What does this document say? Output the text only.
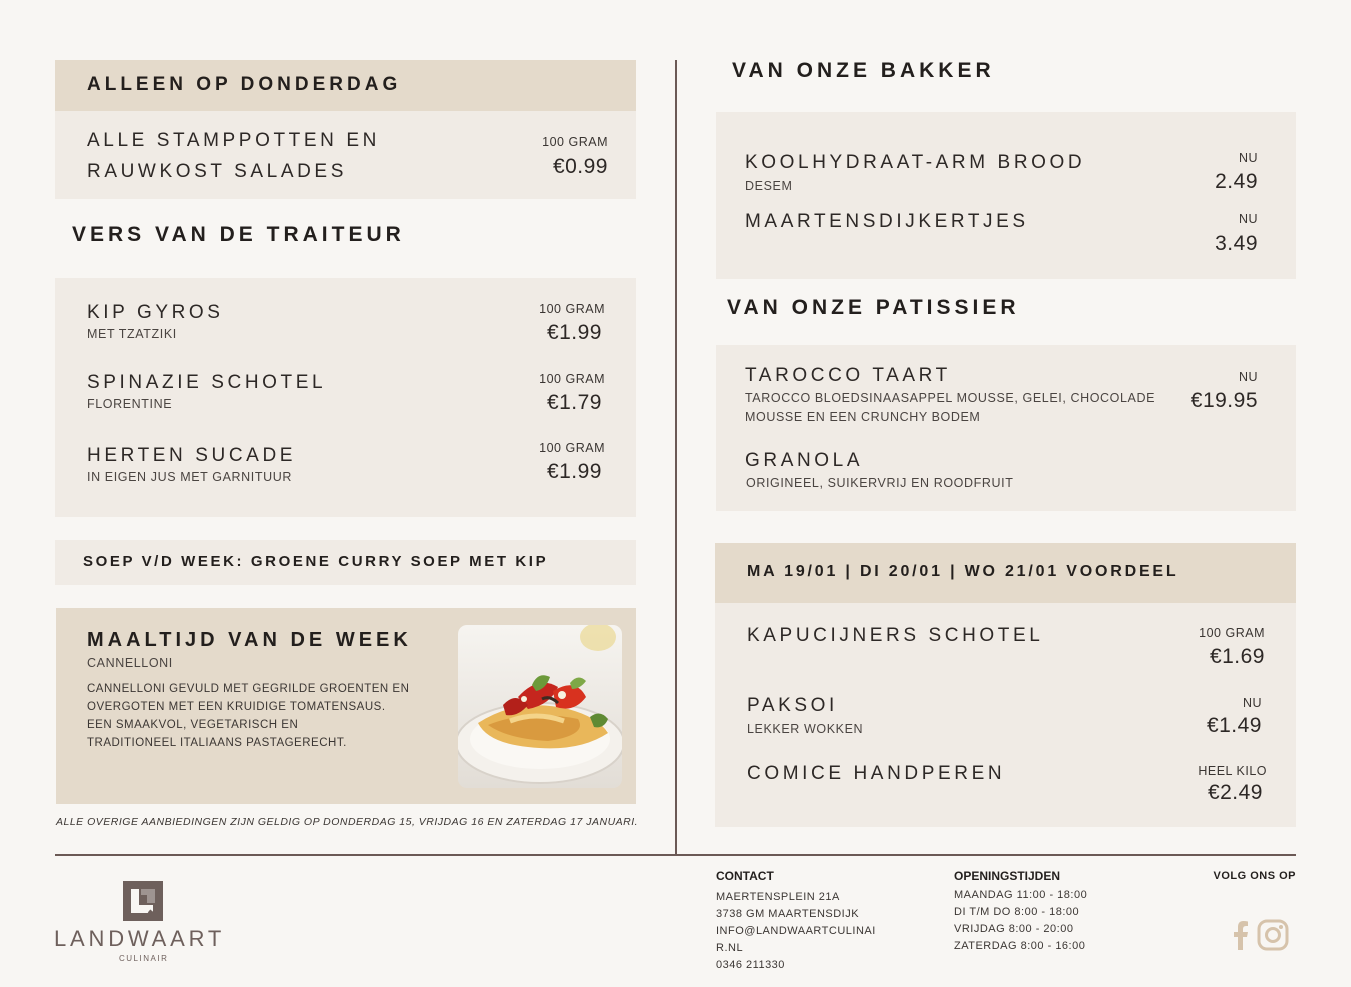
ALLEEN OP DONDERDAG
ALLE STAMPPOTTEN EN
RAUWKOST SALADES
100 GRAM
€0.99
VERS VAN DE TRAITEUR
KIP GYROS
MET TZATZIKI
100 GRAM
€1.99
SPINAZIE SCHOTEL
FLORENTINE
100 GRAM
€1.79
HERTEN SUCADE
IN EIGEN JUS MET GARNITUUR
100 GRAM
€1.99
SOEP V/D WEEK: GROENE CURRY SOEP MET KIP
MAALTIJD VAN DE WEEK
CANNELLONI
CANNELLONI GEVULD MET GEGRILDE GROENTEN EN
OVERGOTEN MET EEN KRUIDIGE TOMATENSAUS.
EEN SMAAKVOL, VEGETARISCH EN
TRADITIONEEL ITALIAANS PASTAGERECHT.
ALLE OVERIGE AANBIEDINGEN ZIJN GELDIG OP DONDERDAG 15, VRIJDAG 16 EN ZATERDAG 17 JANUARI.
VAN ONZE BAKKER
KOOLHYDRAAT-ARM BROOD
DESEM
NU
2.49
MAARTENSDIJKERTJES	NU
3.49
VAN ONZE PATISSIER
TAROCCO TAART
TAROCCO BLOEDSINAASAPPEL MOUSSE, GELEI, CHOCOLADE
MOUSSE EN EEN CRUNCHY BODEM
NU
€19.95
GRANOLA
ORIGINEEL, SUIKERVRIJ EN ROODFRUIT
MA 19/01 | DI 20/01 | WO 21/01 VOORDEEL
KAPUCIJNERS SCHOTEL	100 GRAM
€1.69
PAKSOI
LEKKER WOKKEN
NU
€1.49
COMICE HANDPEREN	HEEL KILO
€2.49
LANDWAART
CULINAIR
CONTACT
MAERTENSPLEIN 21A
3738 GM MAARTENSDIJK
INFO@LANDWAARTCULINAI
R.NL
0346 211330
OPENINGSTIJDEN
MAANDAG 11:00 - 18:00
DI T/M DO 8:00 - 18:00
VRIJDAG 8:00 - 20:00
ZATERDAG 8:00 - 16:00
VOLG ONS OP
